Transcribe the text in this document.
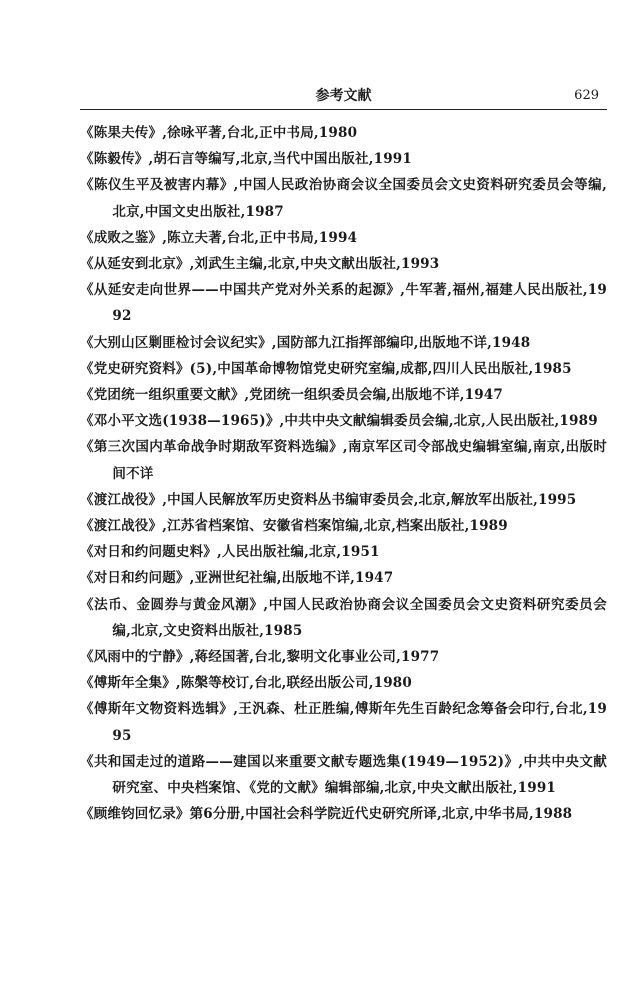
参考文献	629
《陈果夫传》,徐咏平著,台北,正中书局,1980
《陈毅传》,胡石言等编写,北京,当代中国出版社,1991
《陈仪生平及被害内幕》,中国人民政治协商会议全国委员会文史资料研究委员会等编,北京,中国文史出版社,1987
《成败之鉴》,陈立夫著,台北,正中书局,1994
《从延安到北京》,刘武生主编,北京,中央文献出版社,1993
《从延安走向世界——中国共产党对外关系的起源》,牛军著,福州,福建人民出版社,1992
《大别山区剿匪检讨会议纪实》,国防部九江指挥部编印,出版地不详,1948
《党史研究资料》(5),中国革命博物馆党史研究室编,成都,四川人民出版社,1985
《党团统一组织重要文献》,党团统一组织委员会编,出版地不详,1947
《邓小平文选(1938—1965)》,中共中央文献编辑委员会编,北京,人民出版社,1989
《第三次国内革命战争时期敌军资料选编》,南京军区司令部战史编辑室编,南京,出版时间不详
《渡江战役》,中国人民解放军历史资料丛书编审委员会,北京,解放军出版社,1995
《渡江战役》,江苏省档案馆、安徽省档案馆编,北京,档案出版社,1989
《对日和约问题史料》,人民出版社编,北京,1951
《对日和约问题》,亚洲世纪社编,出版地不详,1947
《法币、金圆券与黄金风潮》,中国人民政治协商会议全国委员会文史资料研究委员会编,北京,文史资料出版社,1985
《风雨中的宁静》,蒋经国著,台北,黎明文化事业公司,1977
《傅斯年全集》,陈槃等校订,台北,联经出版公司,1980
《傅斯年文物资料选辑》,王汎森、杜正胜编,傅斯年先生百龄纪念筹备会印行,台北,1995
《共和国走过的道路——建国以来重要文献专题选集(1949—1952)》,中共中央文献研究室、中央档案馆、《党的文献》编辑部编,北京,中央文献出版社,1991
《顾维钧回忆录》第6分册,中国社会科学院近代史研究所译,北京,中华书局,1988
